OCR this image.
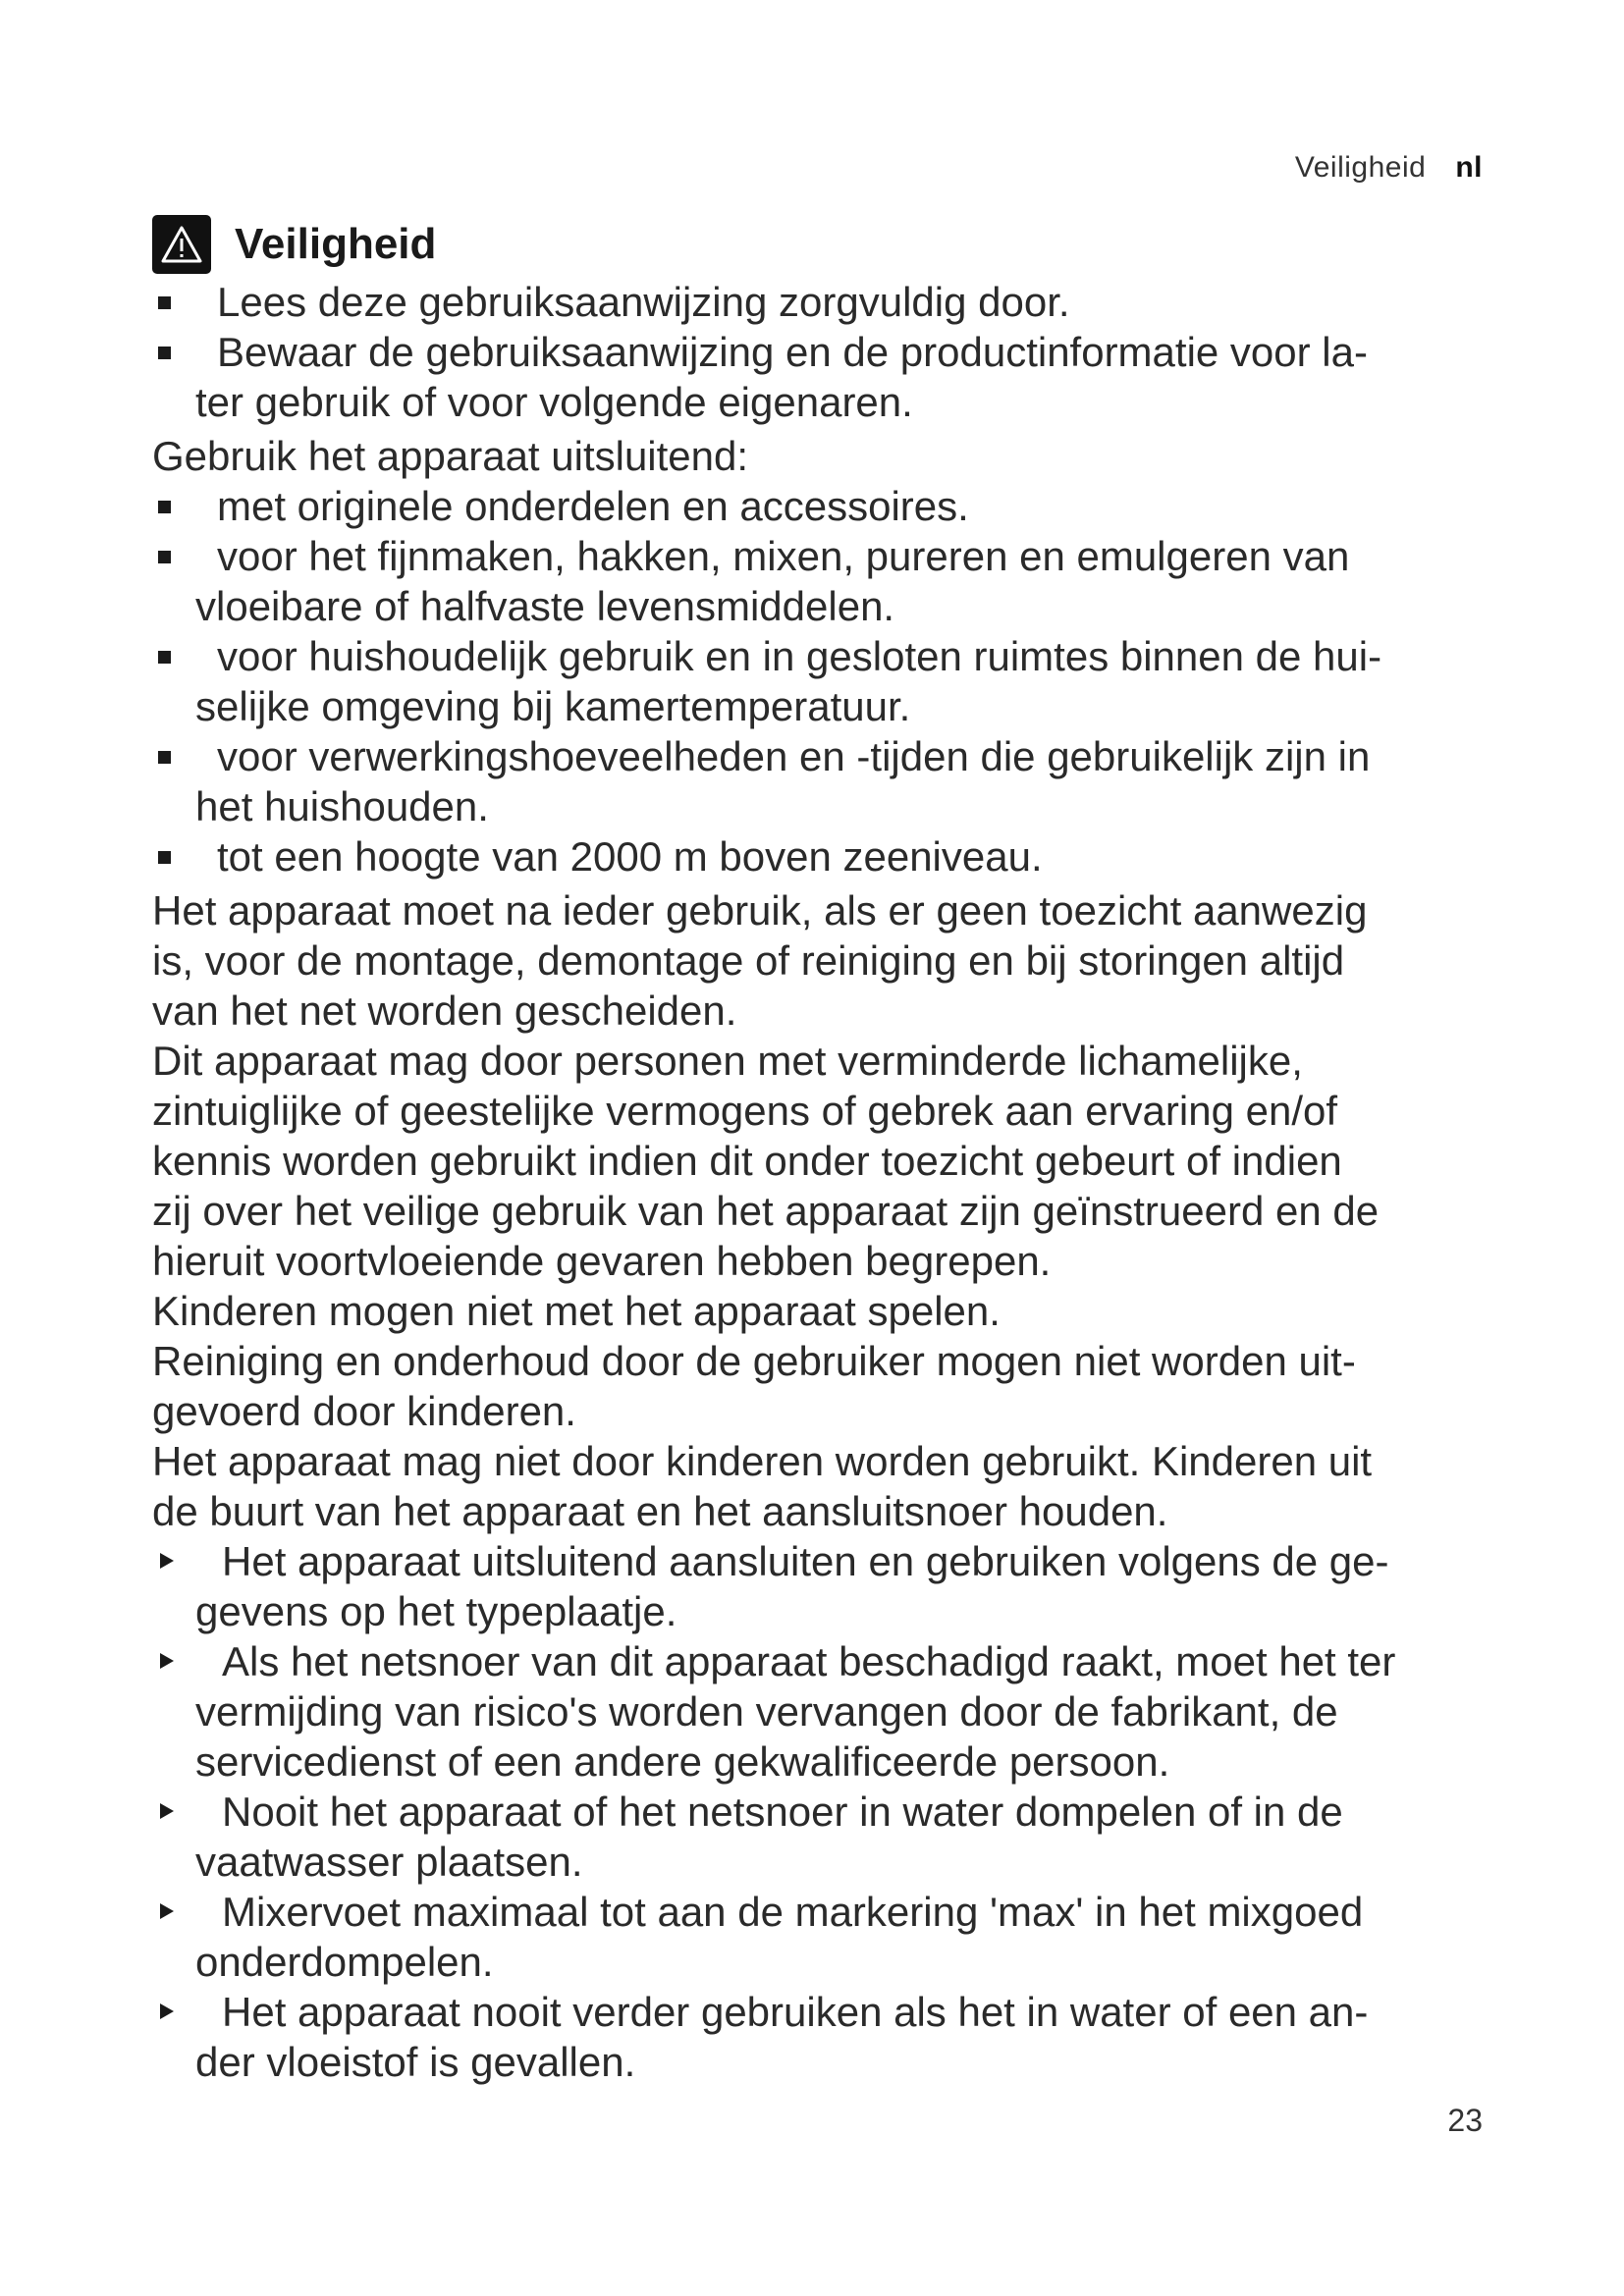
Veiligheid nl
Veiligheid
Lees deze gebruiksaanwijzing zorgvuldig door.
Bewaar de gebruiksaanwijzing en de productinformatie voor la-
ter gebruik of voor volgende eigenaren.
Gebruik het apparaat uitsluitend:
met originele onderdelen en accessoires.
voor het fijnmaken, hakken, mixen, pureren en emulgeren van
vloeibare of halfvaste levensmiddelen.
voor huishoudelijk gebruik en in gesloten ruimtes binnen de hui-
selijke omgeving bij kamertemperatuur.
voor verwerkingshoeveelheden en -tijden die gebruikelijk zijn in
het huishouden.
tot een hoogte van 2000 m boven zeeniveau.
Het apparaat moet na ieder gebruik, als er geen toezicht aanwezig
is, voor de montage, demontage of reiniging en bij storingen altijd
van het net worden gescheiden.
Dit apparaat mag door personen met verminderde lichamelijke,
zintuiglijke of geestelijke vermogens of gebrek aan ervaring en/of
kennis worden gebruikt indien dit onder toezicht gebeurt of indien
zij over het veilige gebruik van het apparaat zijn geïnstrueerd en de
hieruit voortvloeiende gevaren hebben begrepen.
Kinderen mogen niet met het apparaat spelen.
Reiniging en onderhoud door de gebruiker mogen niet worden uit-
gevoerd door kinderen.
Het apparaat mag niet door kinderen worden gebruikt. Kinderen uit
de buurt van het apparaat en het aansluitsnoer houden.
Het apparaat uitsluitend aansluiten en gebruiken volgens de ge-
gevens op het typeplaatje.
Als het netsnoer van dit apparaat beschadigd raakt, moet het ter
vermijding van risico's worden vervangen door de fabrikant, de
servicedienst of een andere gekwalificeerde persoon.
Nooit het apparaat of het netsnoer in water dompelen of in de
vaatwasser plaatsen.
Mixervoet maximaal tot aan de markering 'max' in het mixgoed
onderdompelen.
Het apparaat nooit verder gebruiken als het in water of een an-
der vloeistof is gevallen.
23
